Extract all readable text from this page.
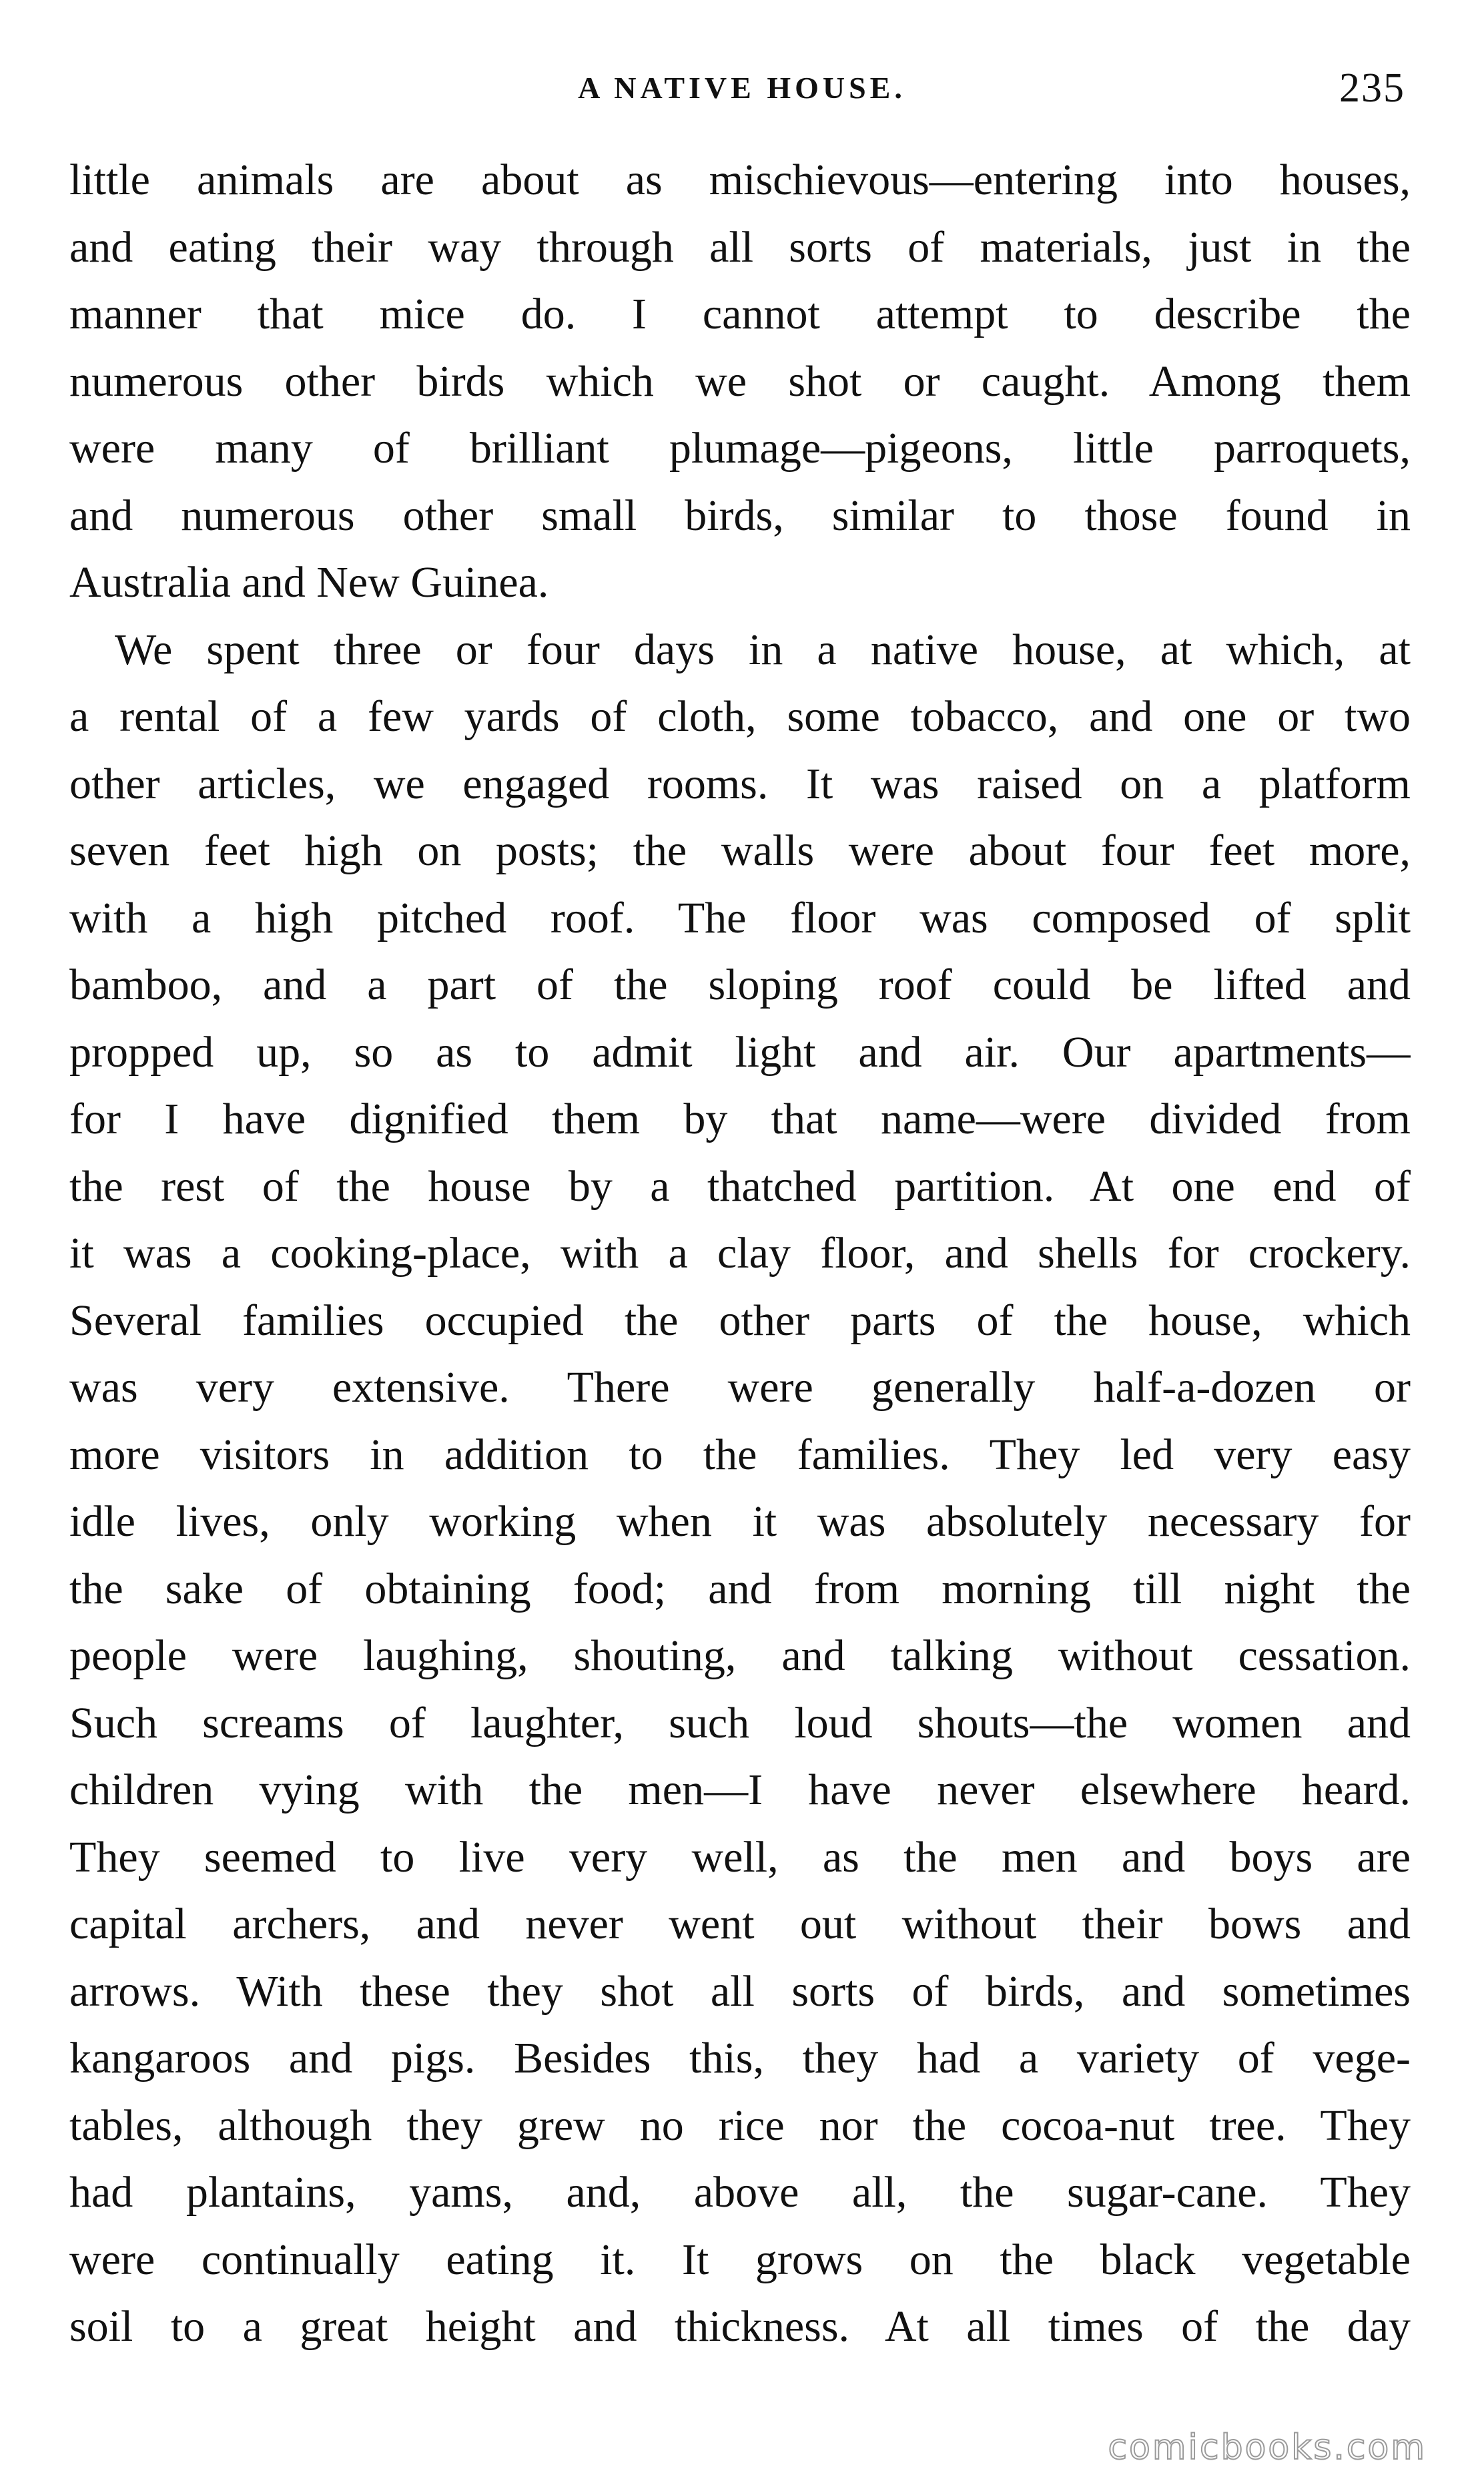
A NATIVE HOUSE.	235
little animals are about as mischievous—entering into houses,
and eating their way through all sorts of materials, just in the
manner that mice do. I cannot attempt to describe the
numerous other birds which we shot or caught. Among them
were many of brilliant plumage—pigeons, little parroquets,
and numerous other small birds, similar to those found in
Australia and New Guinea.
We spent three or four days in a native house, at which, at
a rental of a few yards of cloth, some tobacco, and one or two
other articles, we engaged rooms. It was raised on a platform
seven feet high on posts; the walls were about four feet more,
with a high pitched roof. The floor was composed of split
bamboo, and a part of the sloping roof could be lifted and
propped up, so as to admit light and air. Our apartments—
for I have dignified them by that name—were divided from
the rest of the house by a thatched partition. At one end of
it was a cooking-place, with a clay floor, and shells for crockery.
Several families occupied the other parts of the house, which
was very extensive. There were generally half-a-dozen or
more visitors in addition to the families. They led very easy
idle lives, only working when it was absolutely necessary for
the sake of obtaining food; and from morning till night the
people were laughing, shouting, and talking without cessation.
Such screams of laughter, such loud shouts—the women and
children vying with the men—I have never elsewhere heard.
They seemed to live very well, as the men and boys are
capital archers, and never went out without their bows and
arrows. With these they shot all sorts of birds, and sometimes
kangaroos and pigs. Besides this, they had a variety of vege-
tables, although they grew no rice nor the cocoa-nut tree. They
had plantains, yams, and, above all, the sugar-cane. They
were continually eating it. It grows on the black vegetable
soil to a great height and thickness. At all times of the day
comicbooks.com
